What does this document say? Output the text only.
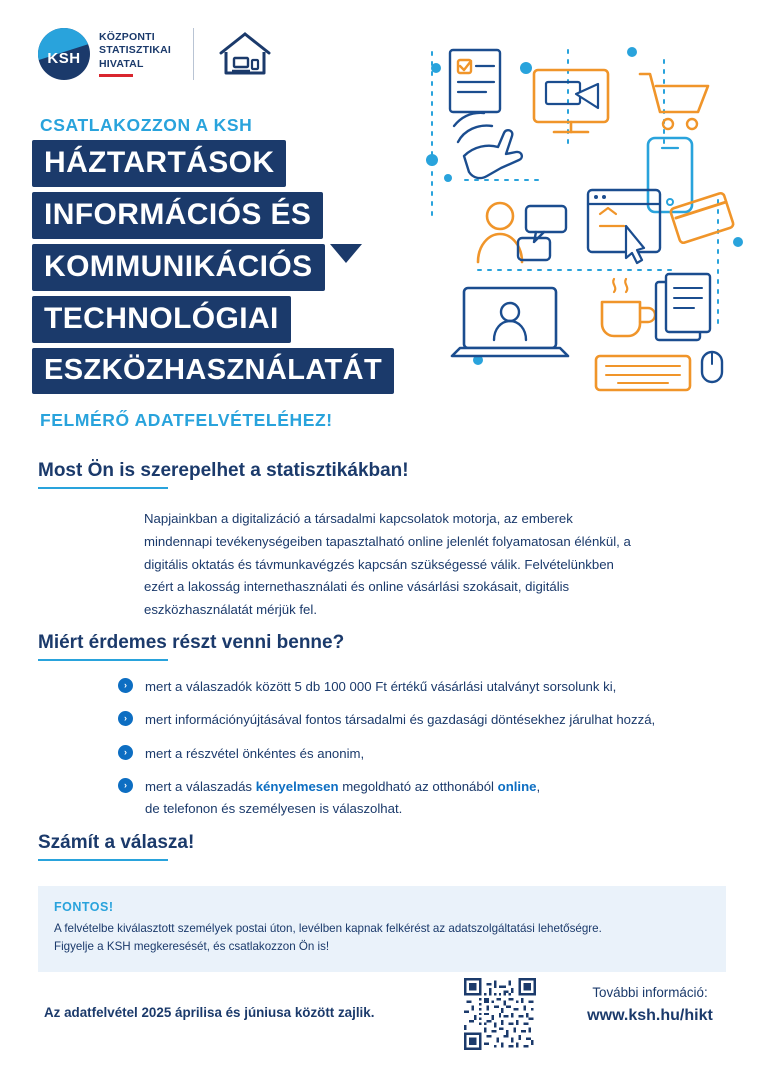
KSH
KÖZPONTI
STATISZTIKAI
HIVATAL
CSATLAKOZZON A KSH
HÁZTARTÁSOK
INFORMÁCIÓS ÉS
KOMMUNIKÁCIÓS
TECHNOLÓGIAI
ESZKÖZHASZNÁLATÁT
FELMÉRŐ ADATFELVÉTELÉHEZ!
Most Ön is szerepelhet a statisztikákban!
Napjainkban a digitalizáció a társadalmi kapcsolatok motorja, az emberek mindennapi tevékenységeiben tapasztalható online jelenlét folyamatosan élénkül, a digitális oktatás és távmunkavégzés kapcsán szükségessé válik. Felvételünkben ezért a lakosság internethasználati és online vásárlási szokásait, digitális eszközhasználatát mérjük fel.
Miért érdemes részt venni benne?
›	mert a válaszadók között 5 db 100 000 Ft értékű vásárlási utalványt sorsolunk ki,
›	mert információnyújtásával fontos társadalmi és gazdasági döntésekhez járulhat hozzá,
›	mert a részvétel önkéntes és anonim,
›	mert a válaszadás kényelmesen megoldható az otthonából online,
de telefonon és személyesen is válaszolhat.
Számít a válasza!
FONTOS!
A felvételbe kiválasztott személyek postai úton, levélben kapnak felkérést az adatszolgáltatási lehetőségre.
Figyelje a KSH megkeresését, és csatlakozzon Ön is!
Az adatfelvétel 2025 áprilisa és júniusa között zajlik.
További információ:
www.ksh.hu/hikt
